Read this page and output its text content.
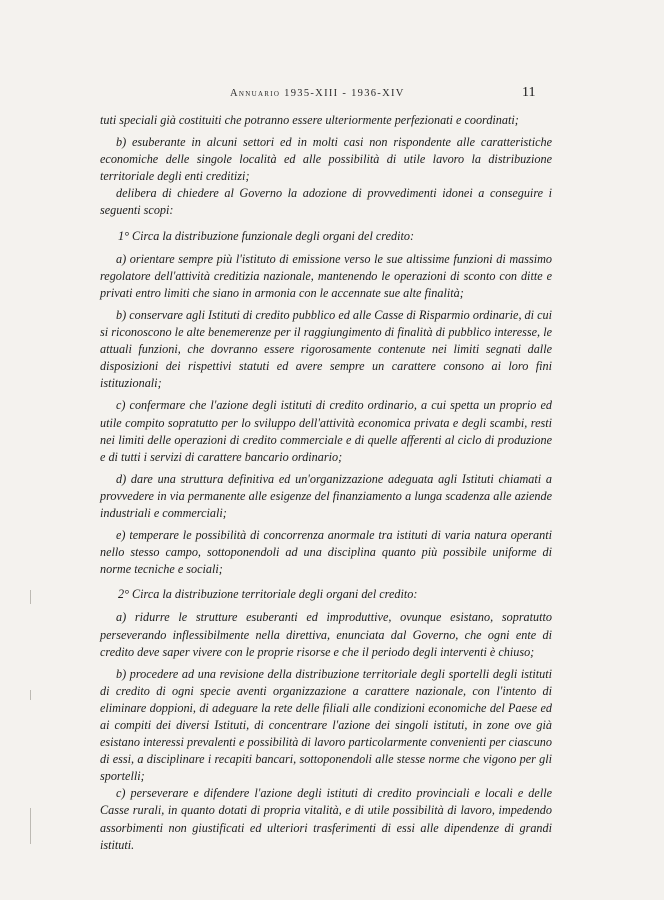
Annuario 1935-XIII - 1936-XIV	11

tuti speciali già costituiti che potranno essere ulteriormente perfezionati e coordinati;

b) esuberante in alcuni settori ed in molti casi non rispondente alle caratteristiche economiche delle singole località ed alle possibilità di utile lavoro la distribuzione territoriale degli enti creditizi;

delibera di chiedere al Governo la adozione di provvedimenti idonei a conseguire i seguenti scopi:

1° Circa la distribuzione funzionale degli organi del credito:

a) orientare sempre più l'istituto di emissione verso le sue altissime funzioni di massimo regolatore dell'attività creditizia nazionale, mantenendo le operazioni di sconto con ditte e privati entro limiti che siano in armonia con le accennate sue alte finalità;

b) conservare agli Istituti di credito pubblico ed alle Casse di Risparmio ordinarie, di cui si riconoscono le alte benemerenze per il raggiungimento di finalità di pubblico interesse, le attuali funzioni, che dovranno essere rigorosamente contenute nei limiti segnati dalle disposizioni dei rispettivi statuti ed avere sempre un carattere consono ai loro fini istituzionali;

c) confermare che l'azione degli istituti di credito ordinario, a cui spetta un proprio ed utile compito sopratutto per lo sviluppo dell'attività economica privata e degli scambi, resti nei limiti delle operazioni di credito commerciale e di quelle afferenti al ciclo di produzione e di tutti i servizi di carattere bancario ordinario;

d) dare una struttura definitiva ed un'organizzazione adeguata agli Istituti chiamati a provvedere in via permanente alle esigenze del finanziamento a lunga scadenza alle aziende industriali e commerciali;

e) temperare le possibilità di concorrenza anormale tra istituti di varia natura operanti nello stesso campo, sottoponendoli ad una disciplina quanto più possibile uniforme di norme tecniche e sociali;

2° Circa la distribuzione territoriale degli organi del credito:

a) ridurre le strutture esuberanti ed improduttive, ovunque esistano, sopratutto perseverando inflessibilmente nella direttiva, enunciata dal Governo, che ogni ente di credito deve saper vivere con le proprie risorse e che il periodo degli interventi è chiuso;

b) procedere ad una revisione della distribuzione territoriale degli sportelli degli istituti di credito di ogni specie aventi organizzazione a carattere nazionale, con l'intento di eliminare doppioni, di adeguare la rete delle filiali alle condizioni economiche del Paese ed ai compiti dei diversi Istituti, di concentrare l'azione dei singoli istituti, in zone ove già esistano interessi prevalenti e possibilità di lavoro particolarmente convenienti per ciascuno di essi, a disciplinare i recapiti bancari, sottoponendoli alle stesse norme che vigono per gli sportelli;

c) perseverare e difendere l'azione degli istituti di credito provinciali e locali e delle Casse rurali, in quanto dotati di propria vitalità, e di utile possibilità di lavoro, impedendo assorbimenti non giustificati ed ulteriori trasferimenti di essi alle dipendenze di grandi istituti.
